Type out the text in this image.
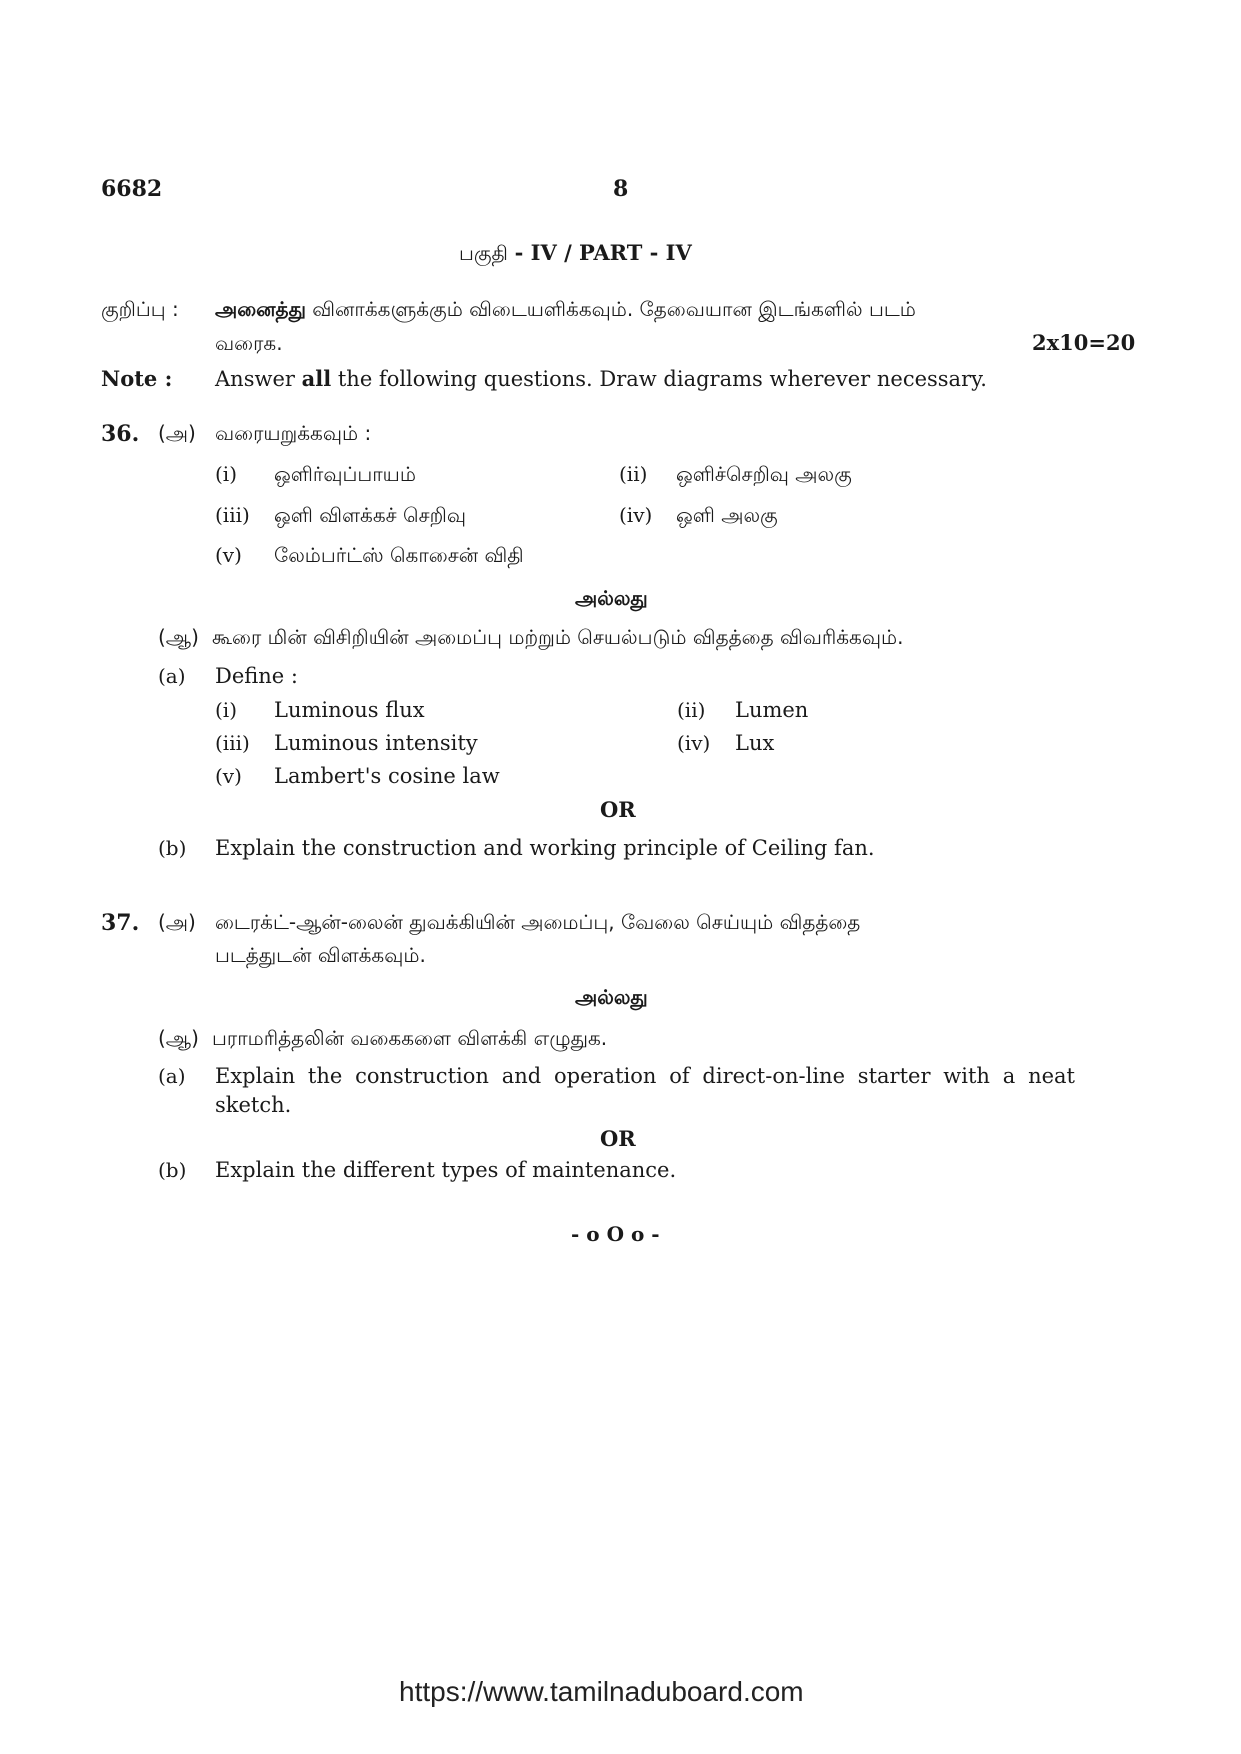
6682	8
பகுதி - IV / PART - IV
குறிப்பு : அனைத்து வினாக்களுக்கும் விடையளிக்கவும். தேவையான இடங்களில் படம்
வரைக.	2x10=20
Note : Answer all the following questions. Draw diagrams wherever necessary.
36. (அ) வரையறுக்கவும் :
(i) ஒளிர்வுப்பாயம்	(ii) ஒளிச்செறிவு அலகு
(iii) ஒளி விளக்கச் செறிவு	(iv) ஒளி அலகு
(v) லேம்பர்ட்ஸ் கொசைன் விதி
அல்லது
(ஆ) கூரை மின் விசிறியின் அமைப்பு மற்றும் செயல்படும் விதத்தை விவரிக்கவும்.
(a) Define :
(i) Luminous flux	(ii) Lumen
(iii) Luminous intensity	(iv) Lux
(v) Lambert's cosine law
OR
(b) Explain the construction and working principle of Ceiling fan.
37. (அ) டைரக்ட்-ஆன்-லைன் துவக்கியின் அமைப்பு, வேலை செய்யும் விதத்தை
படத்துடன் விளக்கவும்.
அல்லது
(ஆ) பராமரித்தலின் வகைகளை விளக்கி எழுதுக.
(a) Explain the construction and operation of direct-on-line starter with a neat
sketch.
OR
(b) Explain the different types of maintenance.
- o O o -
https://www.tamilnaduboard.com
